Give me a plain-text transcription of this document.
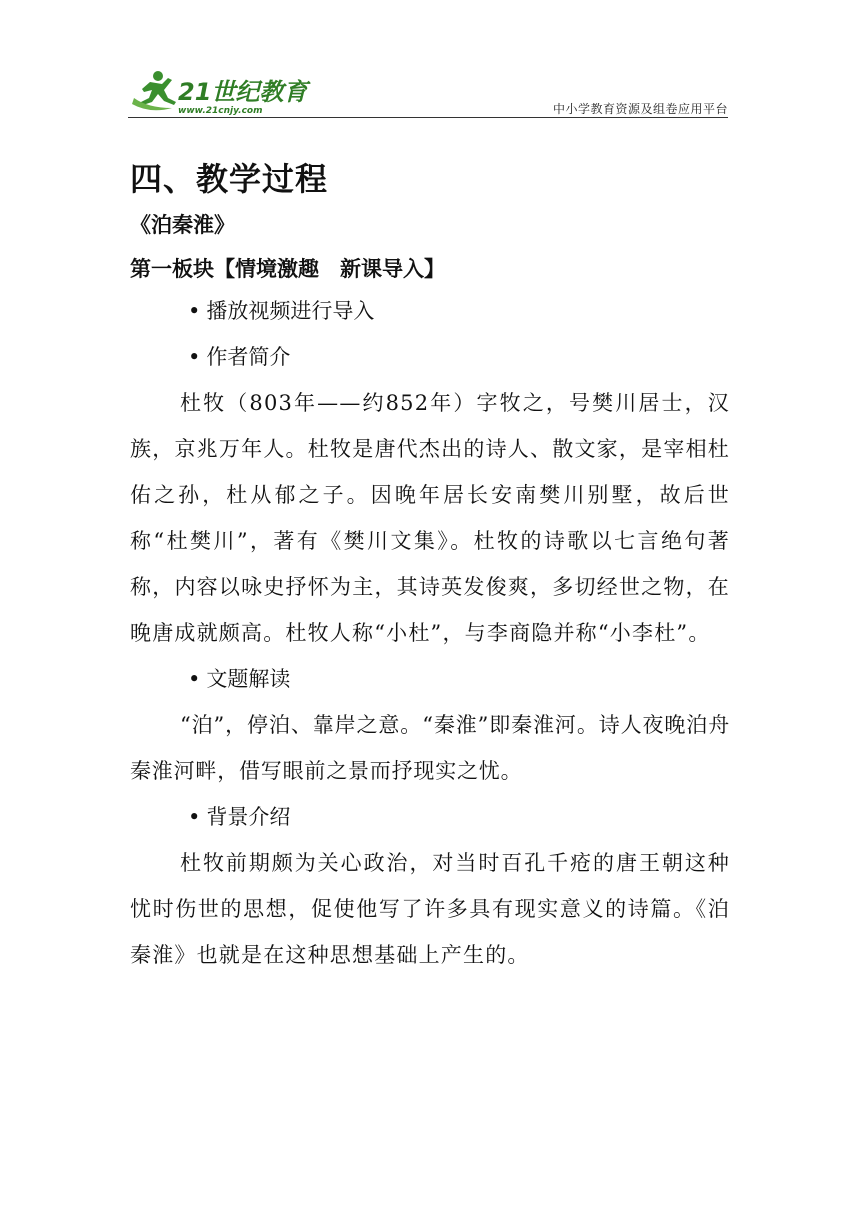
21世纪教育
www.21cnjy.com	中小学教育资源及组卷应用平台
四、教学过程
《泊秦淮》
第一板块【情境激趣　新课导入】

• 播放视频进行导入

• 作者简介

杜牧（803年——约852年）字牧之，号樊川居士，汉族，京兆万年人。杜牧是唐代杰出的诗人、散文家，是宰相杜佑之孙，杜从郁之子。因晚年居长安南樊川别墅，故后世称“杜樊川”，著有《樊川文集》。杜牧的诗歌以七言绝句著称，内容以咏史抒怀为主，其诗英发俊爽，多切经世之物，在晚唐成就颇高。杜牧人称“小杜”，与李商隐并称“小李杜”。

• 文题解读

“泊”，停泊、靠岸之意。“秦淮”即秦淮河。诗人夜晚泊舟秦淮河畔，借写眼前之景而抒现实之忧。

• 背景介绍

杜牧前期颇为关心政治，对当时百孔千疮的唐王朝这种忧时伤世的思想，促使他写了许多具有现实意义的诗篇。《泊秦淮》也就是在这种思想基础上产生的。
